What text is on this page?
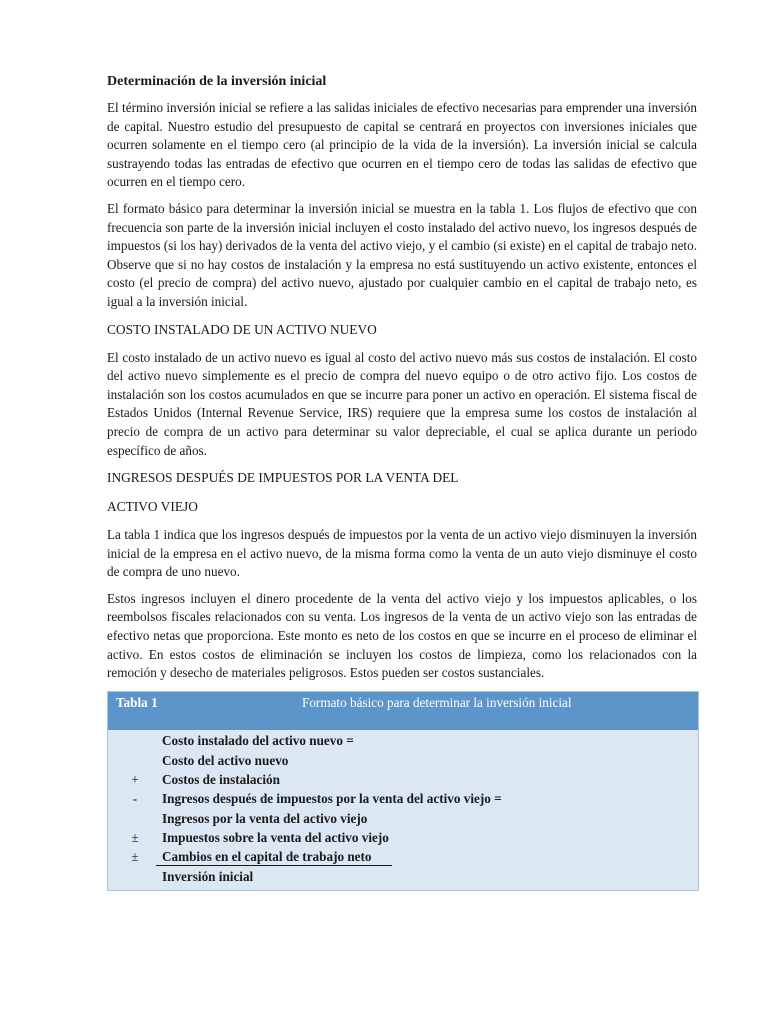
Determinación de la inversión inicial

El término inversión inicial se refiere a las salidas iniciales de efectivo necesarias para emprender una inversión de capital. Nuestro estudio del presupuesto de capital se centrará en proyectos con inversiones iniciales que ocurren solamente en el tiempo cero (al principio de la vida de la inversión). La inversión inicial se calcula sustrayendo todas las entradas de efectivo que ocurren en el tiempo cero de todas las salidas de efectivo que ocurren en el tiempo cero.

El formato básico para determinar la inversión inicial se muestra en la tabla 1. Los flujos de efectivo que con frecuencia son parte de la inversión inicial incluyen el costo instalado del activo nuevo, los ingresos después de impuestos (si los hay) derivados de la venta del activo viejo, y el cambio (si existe) en el capital de trabajo neto. Observe que si no hay costos de instalación y la empresa no está sustituyendo un activo existente, entonces el costo (el precio de compra) del activo nuevo, ajustado por cualquier cambio en el capital de trabajo neto, es igual a la inversión inicial.

COSTO INSTALADO DE UN ACTIVO NUEVO

El costo instalado de un activo nuevo es igual al costo del activo nuevo más sus costos de instalación. El costo del activo nuevo simplemente es el precio de compra del nuevo equipo o de otro activo fijo. Los costos de instalación son los costos acumulados en que se incurre para poner un activo en operación. El sistema fiscal de Estados Unidos (Internal Revenue Service, IRS) requiere que la empresa sume los costos de instalación al precio de compra de un activo para determinar su valor depreciable, el cual se aplica durante un periodo específico de años.

INGRESOS DESPUÉS DE IMPUESTOS POR LA VENTA DEL

ACTIVO VIEJO

La tabla 1 indica que los ingresos después de impuestos por la venta de un activo viejo disminuyen la inversión inicial de la empresa en el activo nuevo, de la misma forma como la venta de un auto viejo disminuye el costo de compra de uno nuevo.

Estos ingresos incluyen el dinero procedente de la venta del activo viejo y los impuestos aplicables, o los reembolsos fiscales relacionados con su venta. Los ingresos de la venta de un activo viejo son las entradas de efectivo netas que proporciona. Este monto es neto de los costos en que se incurre en el proceso de eliminar el activo. En estos costos de eliminación se incluyen los costos de limpieza, como los relacionados con la remoción y desecho de materiales peligrosos. Estos pueden ser costos sustanciales.

Tabla 1	Formato básico para determinar la inversión inicial
Costo instalado del activo nuevo =
Costo del activo nuevo
+	Costos de instalación
-	Ingresos después de impuestos por la venta del activo viejo =
Ingresos por la venta del activo viejo
±	Impuestos sobre la venta del activo viejo
±	Cambios en el capital de trabajo neto
Inversión inicial
